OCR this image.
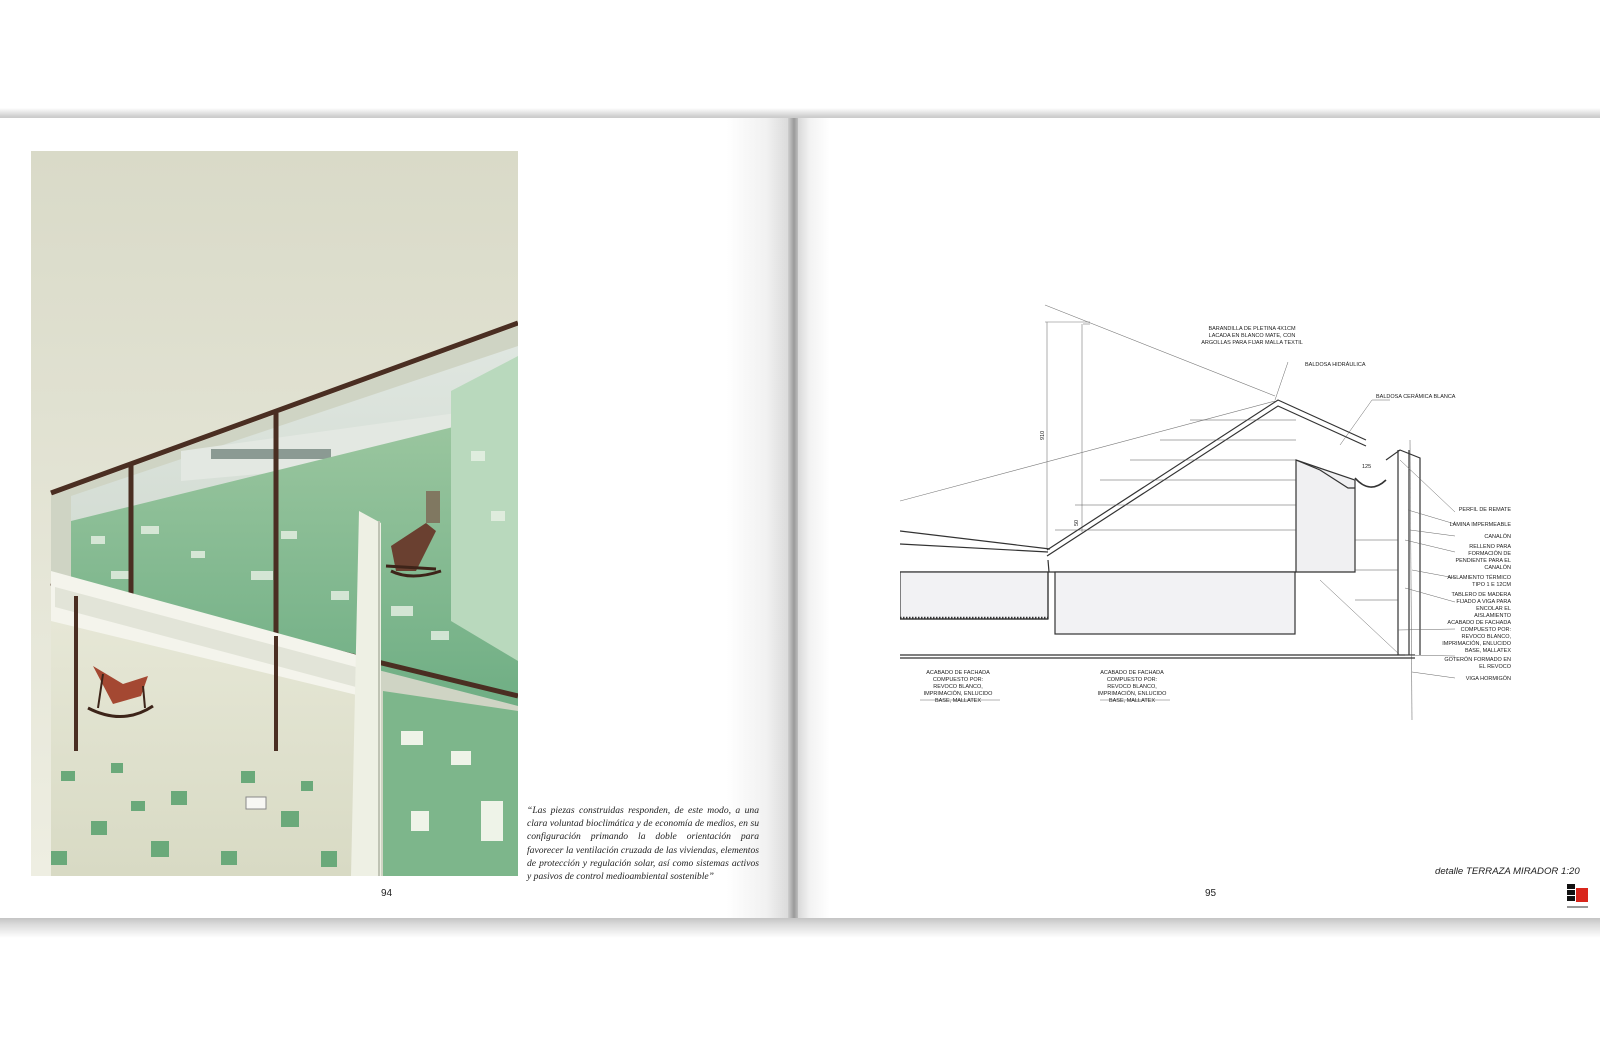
“Las piezas construidas responden, de este modo, a una clara voluntad bioclimática y de economía de medios, en su configuración primando la doble orientación para favorecer la ventilación cruzada de las viviendas, elementos de protección y regulación solar, así como sistemas activos y pasivos de control medioambiental sostenible”

94
910
50
125
BARANDILLA DE PLETINA 4X1CM
LACADA EN BLANCO MATE, CON
ARGOLLAS PARA FIJAR MALLA TEXTIL
BALDOSA HIDRÁULICA
BALDOSA CERÁMICA BLANCA
PERFIL DE REMATE
LÁMINA IMPERMEABLE
CANALÓN
RELLENO PARA
FORMACIÓN DE
PENDIENTE PARA EL
CANALÓN
AISLAMIENTO TÉRMICO
TIPO 1 E 12CM
TABLERO DE MADERA
FIJADO A VIGA PARA
ENCOLAR EL
AISLAMIENTO
ACABADO DE FACHADA
COMPUESTO POR:
REVOCO BLANCO,
IMPRIMACIÓN, ENLUCIDO
BASE, MALLATEX
GOTERÓN FORMADO EN
EL REVOCO
VIGA HORMIGÓN
ACABADO DE FACHADA
COMPUESTO POR:
REVOCO BLANCO,
IMPRIMACIÓN, ENLUCIDO
BASE, MALLATEX
ACABADO DE FACHADA
COMPUESTO POR:
REVOCO BLANCO,
IMPRIMACIÓN, ENLUCIDO
BASE, MALLATEX
detalle TERRAZA MIRADOR 1:20
95
